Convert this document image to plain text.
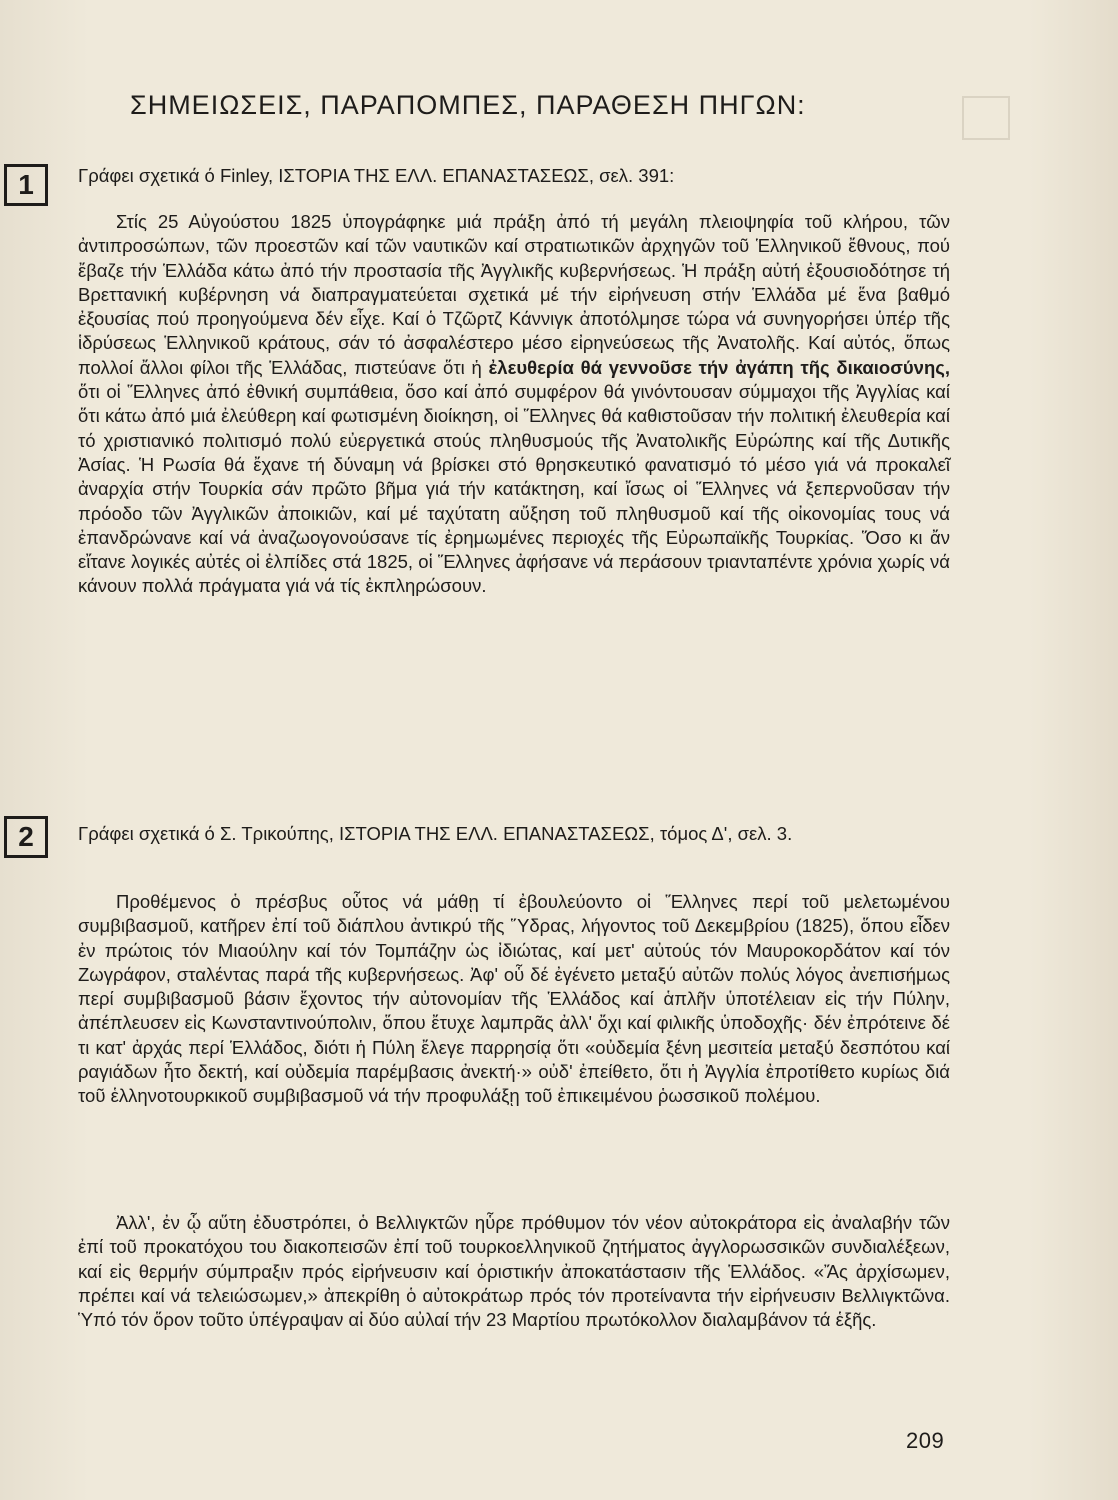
ΣΗΜΕΙΩΣΕΙΣ, ΠΑΡΑΠΟΜΠΕΣ, ΠΑΡΑΘΕΣΗ ΠΗΓΩΝ:
1	Γράφει σχετικά ό Finley, ΙΣΤΟΡΙΑ ΤΗΣ ΕΛΛ. ΕΠΑΝΑΣΤΑΣΕΩΣ, σελ. 391:

Στίς 25 Αὐγούστου 1825 ὑπογράφηκε μιά πράξη ἀπό τή μεγάλη πλειοψηφία τοῦ κλήρου, τῶν ἀντιπροσώπων, τῶν προεστῶν καί τῶν ναυτικῶν καί στρατιωτικῶν ἀρχηγῶν τοῦ Ἑλληνικοῦ ἔθνους, πού ἔβαζε τήν Ἑλλάδα κάτω ἀπό τήν προστασία τῆς Ἀγγλικῆς κυβερνήσεως. Ἡ πράξη αὐτή ἐξουσιοδότησε τή Βρεττανική κυβέρνηση νά διαπραγματεύεται σχετικά μέ τήν εἰρήνευση στήν Ἑλλάδα μέ ἕνα βαθμό ἐξουσίας πού προηγούμενα δέν εἶχε. Καί ὁ Τζῶρτζ Κάννιγκ ἀποτόλμησε τώρα νά συνηγορήσει ὑπέρ τῆς ἱδρύσεως Ἑλληνικοῦ κράτους, σάν τό ἀσφαλέστερο μέσο εἰρηνεύσεως τῆς Ἀνατολῆς. Καί αὐτός, ὅπως πολλοί ἄλλοι φίλοι τῆς Ἑλλάδας, πιστεύανε ὅτι ἡ ἐλευθερία θά γεννοῦσε τήν ἀγάπη τῆς δικαιοσύνης, ὅτι οἱ Ἕλληνες ἀπό ἐθνική συμπάθεια, ὅσο καί ἀπό συμφέρον θά γινόντουσαν σύμμαχοι τῆς Ἀγγλίας καί ὅτι κάτω ἀπό μιά ἐλεύθερη καί φωτισμένη διοίκηση, οἱ Ἕλληνες θά καθιστοῦσαν τήν πολιτική ἐλευθερία καί τό χριστιανικό πολιτισμό πολύ εὐεργετικά στούς πληθυσμούς τῆς Ἀνατολικῆς Εὐρώπης καί τῆς Δυτικῆς Ἀσίας. Ἡ Ρωσία θά ἔχανε τή δύναμη νά βρίσκει στό θρησκευτικό φανατισμό τό μέσο γιά νά προκαλεῖ ἀναρχία στήν Τουρκία σάν πρῶτο βῆμα γιά τήν κατάκτηση, καί ἴσως οἱ Ἕλληνες νά ξεπερνοῦσαν τήν πρόοδο τῶν Ἀγγλικῶν ἀποικιῶν, καί μέ ταχύτατη αὔξηση τοῦ πληθυσμοῦ καί τῆς οἰκονομίας τους νά ἐπανδρώνανε καί νά ἀναζωογονούσανε τίς ἐρημωμένες περιοχές τῆς Εὐρωπαϊκῆς Τουρκίας. Ὅσο κι ἄν εἴτανε λογικές αὐτές οἱ ἐλπίδες στά 1825, οἱ Ἕλληνες ἀφήσανε νά περάσουν τριανταπέντε χρόνια χωρίς νά κάνουν πολλά πράγματα γιά νά τίς ἐκπληρώσουν.

2	Γράφει σχετικά ό Σ. Τρικούπης, ΙΣΤΟΡΙΑ ΤΗΣ ΕΛΛ. ΕΠΑΝΑΣΤΑΣΕΩΣ, τόμος Δ', σελ. 3.

Προθέμενος ὁ πρέσβυς οὗτος νά μάθῃ τί ἐβουλεύοντο οἱ Ἕλληνες περί τοῦ μελετωμένου συμβιβασμοῦ, κατῆρεν ἐπί τοῦ διάπλου ἀντικρύ τῆς Ὕδρας, λήγοντος τοῦ Δεκεμβρίου (1825), ὅπου εἶδεν ἐν πρώτοις τόν Μιαούλην καί τόν Τομπάζην ὡς ἰδιώτας, καί μετ' αὐτούς τόν Μαυροκορδάτον καί τόν Ζωγράφον, σταλέντας παρά τῆς κυβερνήσεως. Ἀφ' οὗ δέ ἐγένετο μεταξύ αὐτῶν πολύς λόγος ἀνεπισήμως περί συμβιβασμοῦ βάσιν ἔχοντος τήν αὐτονομίαν τῆς Ἑλλάδος καί ἁπλῆν ὑποτέλειαν εἰς τήν Πύλην, ἀπέπλευσεν εἰς Κωνσταντινούπολιν, ὅπου ἔτυχε λαμπρᾶς ἀλλ' ὄχι καί φιλικῆς ὑποδοχῆς· δέν ἐπρότεινε δέ τι κατ' ἀρχάς περί Ἑλλάδος, διότι ἡ Πύλη ἔλεγε παρρησίᾳ ὅτι «οὐδεμία ξένη μεσιτεία μεταξύ δεσπότου καί ραγιάδων ἦτο δεκτή, καί οὐδεμία παρέμβασις ἀνεκτή·» οὐδ' ἐπείθετο, ὅτι ἡ Ἀγγλία ἐπροτίθετο κυρίως διά τοῦ ἑλληνοτουρκικοῦ συμβιβασμοῦ νά τήν προφυλάξῃ τοῦ ἐπικειμένου ῥωσσικοῦ πολέμου.

Ἀλλ', ἐν ᾧ αὕτη ἐδυστρόπει, ὁ Βελλιγκτῶν ηὗρε πρόθυμον τόν νέον αὐτοκράτορα εἰς ἀναλαβήν τῶν ἐπί τοῦ προκατόχου του διακοπεισῶν ἐπί τοῦ τουρκοελληνικοῦ ζητήματος ἀγγλορωσσικῶν συνδιαλέξεων, καί εἰς θερμήν σύμπραξιν πρός εἰρήνευσιν καί ὁριστικήν ἀποκατάστασιν τῆς Ἑλλάδος. «Ἄς ἀρχίσωμεν, πρέπει καί νά τελειώσωμεν,» ἀπεκρίθη ὁ αὐτοκράτωρ πρός τόν προτείναντα τήν εἰρήνευσιν Βελλιγκτῶνα. Ὑπό τόν ὅρον τοῦτο ὑπέγραψαν αἱ δύο αὐλαί τήν 23 Μαρτίου πρωτόκολλον διαλαμβάνον τά ἑξῆς.

209
